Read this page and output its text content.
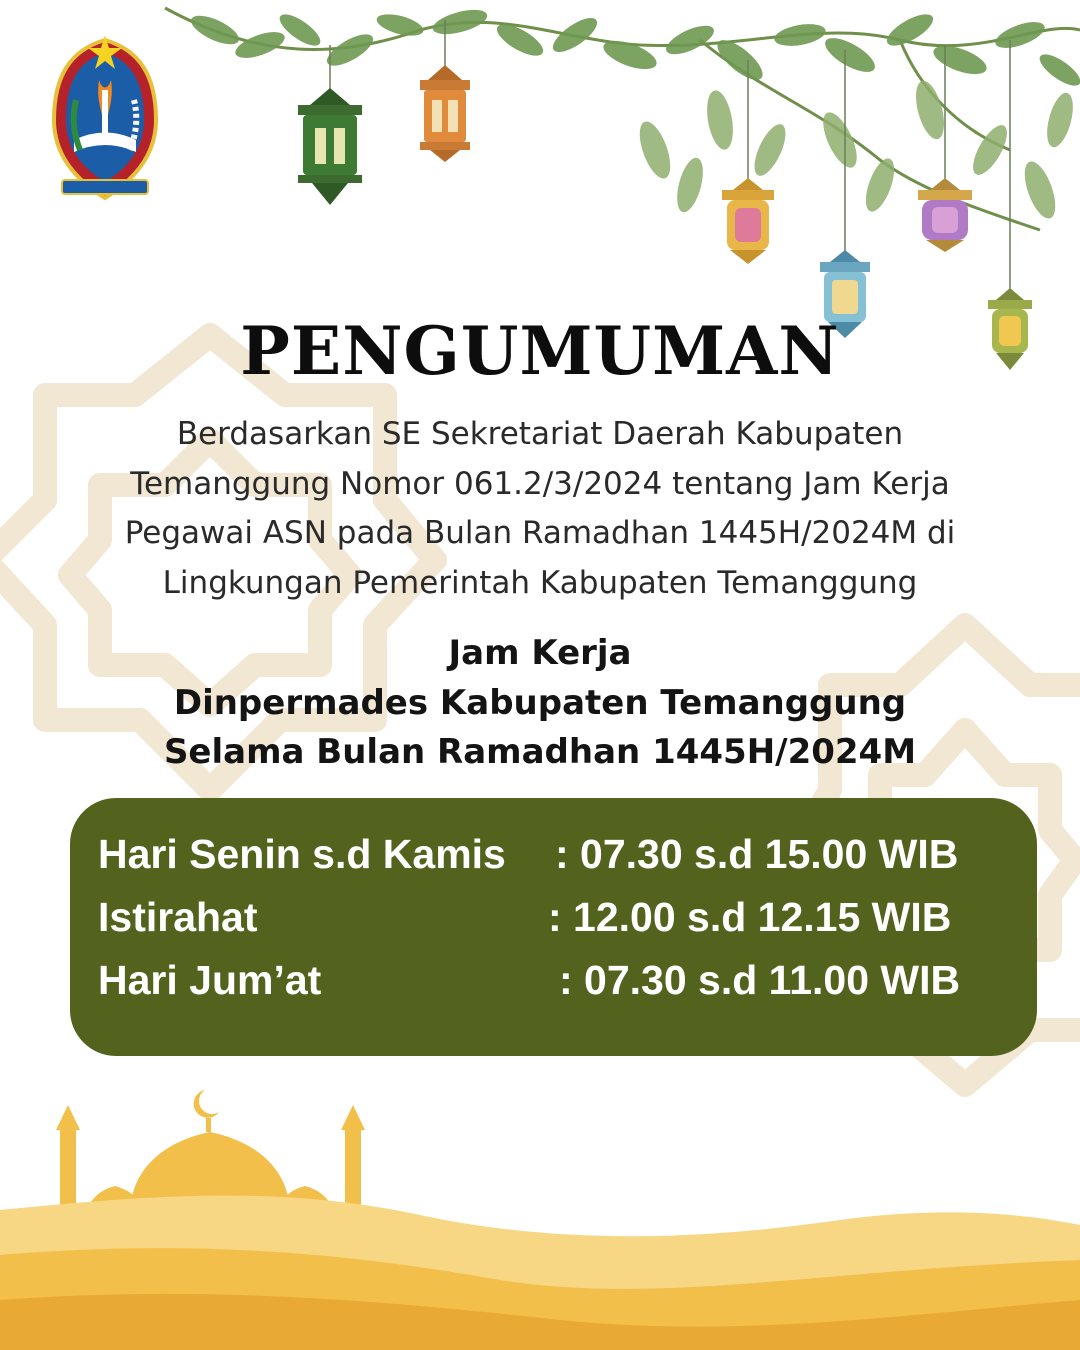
PENGUMUMAN

Berdasarkan SE Sekretariat Daerah Kabupaten
Temanggung Nomor 061.2/3/2024 tentang Jam Kerja
Pegawai ASN pada Bulan Ramadhan 1445H/2024M di
Lingkungan Pemerintah Kabupaten Temanggung

Jam Kerja
Dinpermades Kabupaten Temanggung
Selama Bulan Ramadhan 1445H/2024M
Hari Senin s.d Kamis : 07.30 s.d 15.00 WIB
Istirahat	: 12.00 s.d 12.15 WIB
Hari Jum’at	: 07.30 s.d 11.00 WIB
